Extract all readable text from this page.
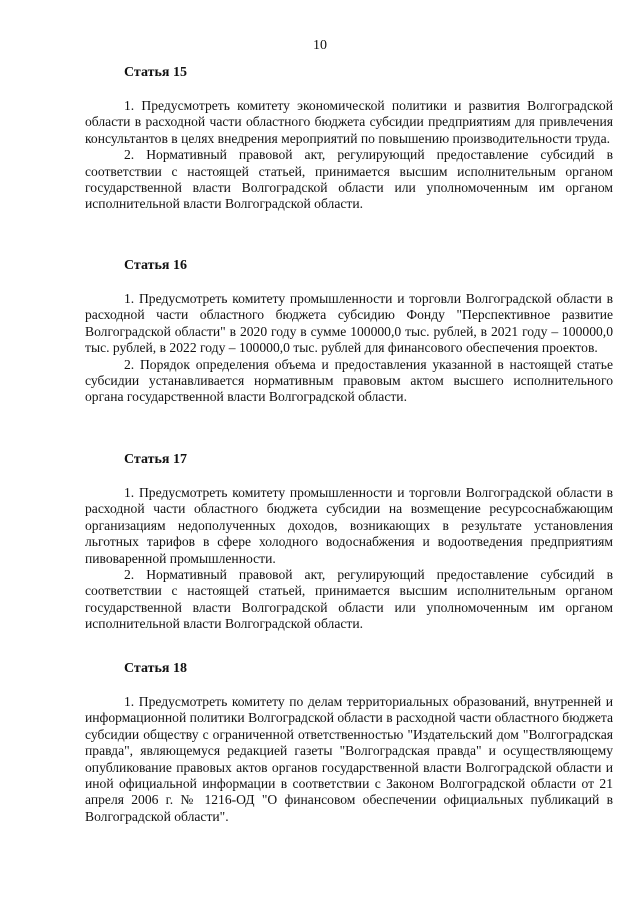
10
Статья 15

1. Предусмотреть комитету экономической политики и развития Волгоградской области в расходной части областного бюджета субсидии предприятиям для привлечения консультантов в целях внедрения мероприятий по повышению производительности труда.

2. Нормативный правовой акт, регулирующий предоставление субсидий в соответствии с настоящей статьей, принимается высшим исполнительным органом государственной власти Волгоградской области или уполномоченным им органом исполнительной власти Волгоградской области.

Статья 16

1. Предусмотреть комитету промышленности и торговли Волгоградской области в расходной части областного бюджета субсидию Фонду "Перспективное развитие Волгоградской области" в 2020 году в сумме 100000,0 тыс. рублей, в 2021 году – 100000,0 тыс. рублей, в 2022 году – 100000,0 тыс. рублей для финансового обеспечения проектов.

2. Порядок определения объема и предоставления указанной в настоящей статье субсидии устанавливается нормативным правовым актом высшего исполнительного органа государственной власти Волгоградской области.

Статья 17

1. Предусмотреть комитету промышленности и торговли Волгоградской области в расходной части областного бюджета субсидии на возмещение ресурсоснабжающим организациям недополученных доходов, возникающих в результате установления льготных тарифов в сфере холодного водоснабжения и водоотведения предприятиям пивоваренной промышленности.

2. Нормативный правовой акт, регулирующий предоставление субсидий в соответствии с настоящей статьей, принимается высшим исполнительным органом государственной власти Волгоградской области или уполномоченным им органом исполнительной власти Волгоградской области.

Статья 18

1. Предусмотреть комитету по делам территориальных образований, внутренней и информационной политики Волгоградской области в расходной части областного бюджета субсидии обществу с ограниченной ответственностью "Издательский дом "Волгоградская правда", являющемуся редакцией газеты "Волгоградская правда" и осуществляющему опубликование правовых актов органов государственной власти Волгоградской области и иной официальной информации в соответствии с Законом Волгоградской области от 21 апреля 2006 г. № 1216-ОД "О финансовом обеспечении официальных публикаций в Волгоградской области".
